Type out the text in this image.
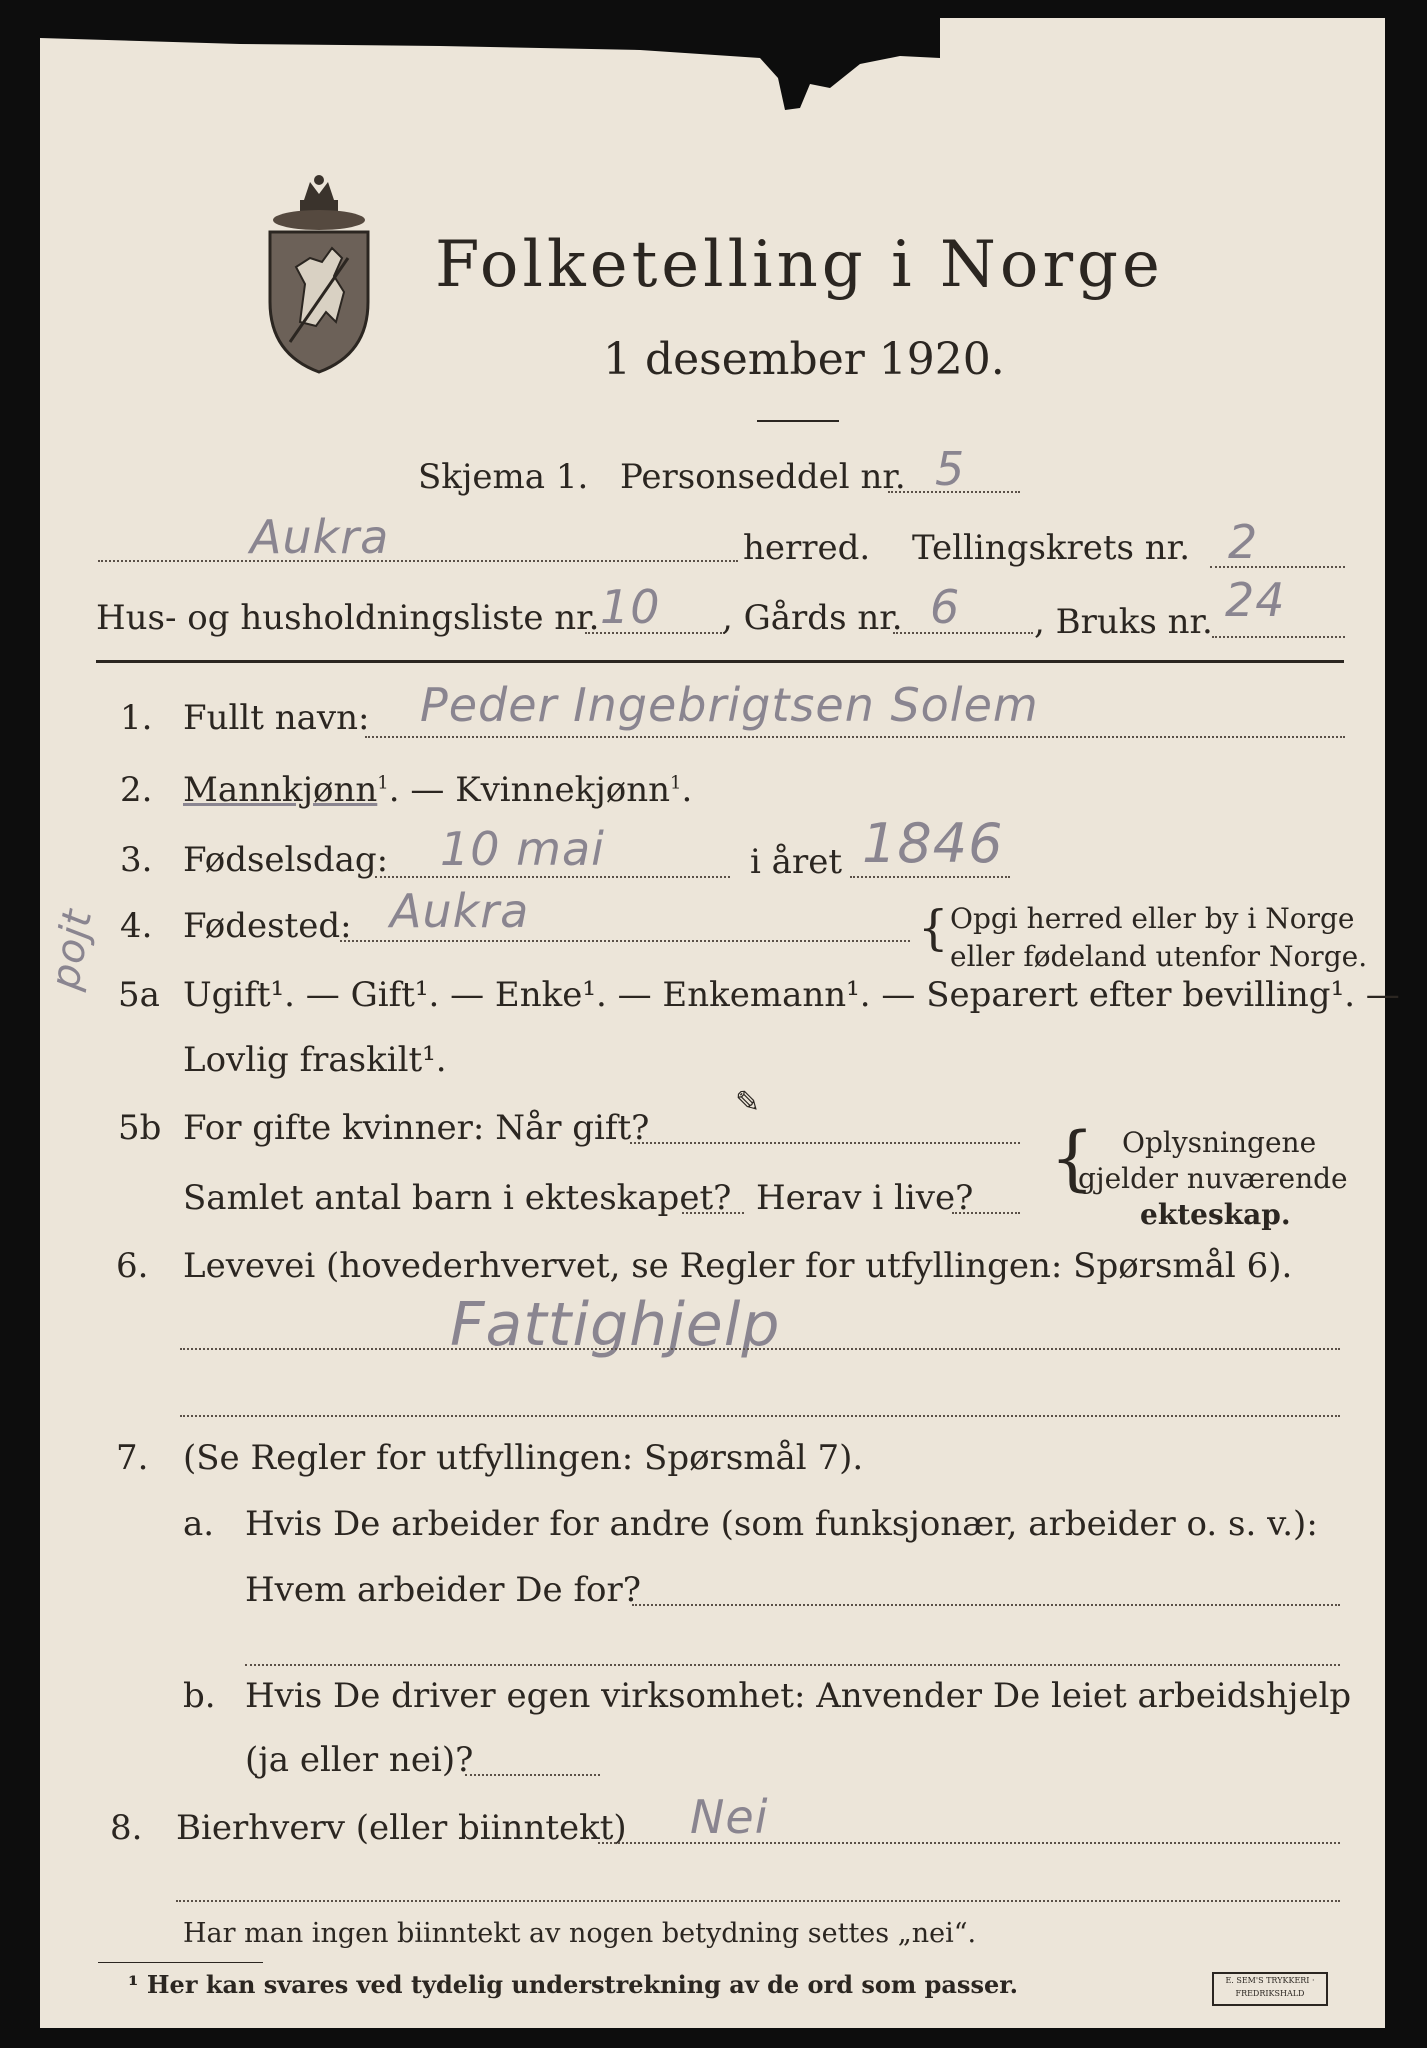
Folketelling i Norge
1 desember 1920.
Skjema 1. Personseddel nr. 5
Aukra	herred. Tellingskrets nr. 2
Hus- og husholdningsliste nr. 10 , Gårds nr. 6 , Bruks nr. 24
1. Fullt navn: Peder Ingebrigtsen Solem
2. Mannkjønn$^1$. — Kvinnekjønn$^1$.
3. Fødselsdag: 10 mai	i året 1846
4. Fødested: Aukra	{ Opgi herred eller by i Norge
eller fødeland utenfor Norge.
pojt
5a Ugift¹. — Gift¹. — Enke¹. — Enkemann¹. — Separert efter bevilling¹. —
Lovlig fraskilt¹.
✎
5b For gifte kvinner: Når gift?
Samlet antal barn i ekteskapet? Herav i live? { Oplysningene
gjelder nuværende
ekteskap.
6. Levevei (hovederhvervet, se Regler for utfyllingen: Spørsmål 6).
Fattighjelp
7. (Se Regler for utfyllingen: Spørsmål 7).
a. Hvis De arbeider for andre (som funksjonær, arbeider o. s. v.):
Hvem arbeider De for?
b. Hvis De driver egen virksomhet: Anvender De leiet arbeidshjelp
(ja eller nei)?
8. Bierhverv (eller biinntekt) Nei
Har man ingen biinntekt av nogen betydning settes „nei“.
¹ Her kan svares ved tydelig understrekning av de ord som passer.	E. SEM'S TRYKKERI · FREDRIKSHALD
